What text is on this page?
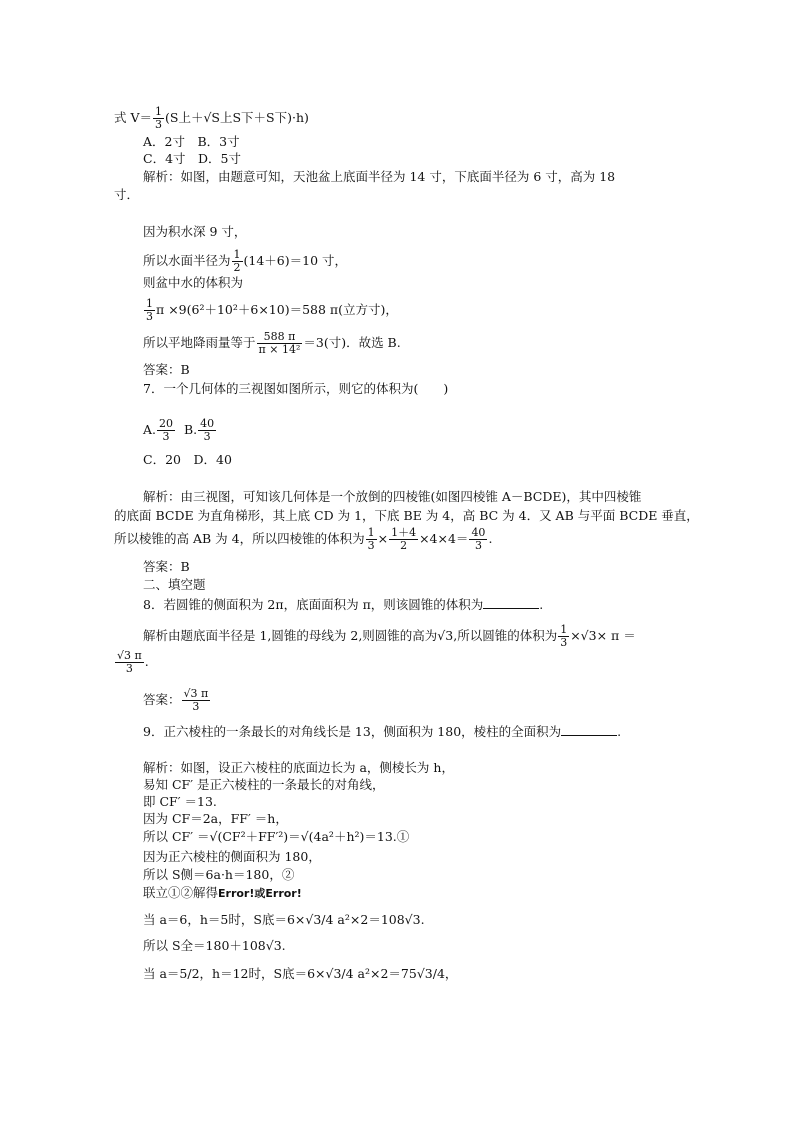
式 $V= \frac{1}{3} (S$上＋√S上S下＋S下)·h)
A．2寸　B．3寸
C．4寸　D．5寸
解析：如图，由题意可知，天池盆上底面半径为 14 寸，下底面半径为 6 寸，高为 18
寸．
因为积水深 9 寸，
所以水面半径为 $\frac{1}{2} (14+6)=10$ 寸，
则盆中水的体积为
$\frac{1}{3}$ π ×9(6²＋10²＋6×10)＝588 π(立方寸)，
所以平地降雨量等于 $\frac{588 \pi}{\text{π × 14²}} =3$(寸)．故选 B.
答案：B
7．一个几何体的三视图如图所示，则它的体积为(　　)
A. $\frac{20}{3} B$. $\frac{40}{3}$
C．20　D．40
解析：由三视图，可知该几何体是一个放倒的四棱锥(如图四棱锥 A－BCDE)，其中四棱锥
的底面 BCDE 为直角梯形，其上底 CD 为 1，下底 BE 为 4，高 BC 为 4．又 AB 与平面 BCDE 垂直，
所以棱锥的高 AB 为 4，所以四棱锥的体积为 $\frac{1}{3} \times \frac{1+4}{2} \times 4\times 4= \frac{40}{3}$ .
答案：B
二、填空题
8．若圆锥的侧面积为 2π，底面面积为 π，则该圆锥的体积为	.
解析由题底面半径是 1,圆锥的母线为 2,则圆锥的高为√3,所以圆锥的体积为 $\frac{1}{3} \times√3\times \pi$ ＝
$\frac{√3 \pi}{3}$ .
答案： $\frac{√3 \pi}{3}$
9．正六棱柱的一条最长的对角线长是 13，侧面积为 180，棱柱的全面积为	.
解析：如图，设正六棱柱的底面边长为 a，侧棱长为 h，
易知 CF′ 是正六棱柱的一条最长的对角线，
即 CF′ ＝13.
因为 CF＝2a，FF′ ＝h，
所以 CF′ ＝√(CF²＋FF′²)＝√(4a²＋h²)＝13.①
因为正六棱柱的侧面积为 180，
所以 S侧＝6a·h＝180，②
联立①②解得Error!或Error!
当 a＝6，h＝5时，S底＝6×√3/4 a²×2＝108√3.
所以 S全＝180＋108√3.
当 a＝5/2，h＝12时，S底＝6×√3/4 a²×2＝75√3/4，
